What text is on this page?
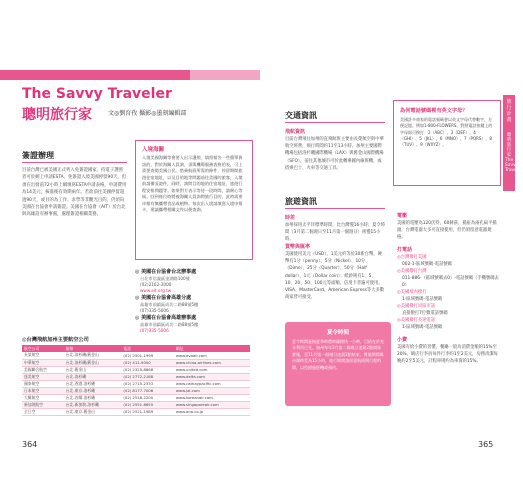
The Savvy Traveler
聰明旅行家	文◎劉育孜 攝影◎墨刻編輯部
入境海關
入境美國海關等會要入出示護照、填寫報告一些簡單資訊的，對於海關人員詢，須與機場服務表格的表，可上需要查閱美國公民。搭乘航班所需的條件、停留期間旅遊住宿地址，以及目的地等問題前往美國的旅客，入境前請備妥證件，同時，詢問目的地的住宿地址、旅遊行程安排問題等。如果對方表示等待一段時間，請耐心等候。回到座位時將被海關人員詢問旅行目的，此時需要申報有無攜帶食品或植物。每次出入境請填寫入境申報卡，建議攜帶相關文件以便查詢。
簽證辦理
目前台灣已被美國正式列入免簽證國家，持電子護照者可於網上申請ESTA，免簽證入境美國停留90天，但須在出發前72小時上網填寫ESTA申請表格，申請費用為14美元，核准後有效期兩年。若欲前往美國停留超過90天，或目的為工作、求學等非觀光目的，仍須向美國在台協會申請簽證。美國在台協會（AIT）於台北與高雄設有辦事處，處理簽證相關業務。
◎ 美國在台協會台北辦事處
台北市信義區金湖路100號
(02)2162-2000
www.ait.org.tw
◎ 美國在台協會高雄分處
高雄市前鎮區成功二路88號5樓
(07)335-5006
◎ 美國在台協會高雄辦事處
高雄市前鎮區成功二路88號5樓
(07)335-5006
◎台灣飛航加州主要航空公司
航空公司	航線	電話	網址
長榮航空	台北-洛杉磯/舊金山	(02) 2501-1999	www.evaair.com
中華航空	台北-洛杉磯/舊金山	(02) 412-9000	www.china-airlines.com
美國聯合航空	台北-舊金山	(02) 2325-8868	www.united.com
達美航空	台北-洛杉磯	(02) 2772-2188	www.delta.com
國泰航空	台北-香港-洛杉磯	(02) 2715-2333	www.cathaypacific.com
日本航空	台北-東京-洛杉磯	(02) 8177-7006	www.jal.com
大韓航空	台北-首爾-洛杉磯	(02) 2518-2200	www.koreanair.com
新加坡航空	台北-新加坡-洛杉磯	(02) 2551-6655	www.singaporeair.com
全日空	台北-東京-舊金山	(02) 2521-1989	www.ana.co.jp
364
旅行計畫
聰明旅行家 The Savvy Traveler
交通資訊
飛航資訊
目前台灣飛往加州的直飛航班主要由長榮航空與中華航空經營，飛行時間約11至13小時。加州主要國際機場包括洛杉磯國際機場（LAX）與舊金山國際機場（SFO），前往其他城市可於此轉乘國內線班機，或搭乘巴士、火車等交通工具。
旅遊資訊
時差
加州採用太平洋標準時間，比台灣慢16小時；夏令時間（3月第二個週日至11月第一個週日）則慢15小時。
貨幣與匯率
美國使用美元（USD），1美元約等於30新台幣。硬幣有1分（penny）、5分（Nickel）、10分（Dime）、25分（Quarter）、50分（Half dollar）、1元（Dollar coin）；紙鈔則有1、5、10、20、50、100元等面額。信用卡普遍可使用，VISA、MasterCard、American Express等大多數商家皆可接受。
夏令時間
夏令時間是指夏季時將時鐘撥快一小時，目的在於充分利用日光。加州每年3月第二個週日凌晨2點開始實施，至11月第一個週日凌晨2點結束。實施期間與台灣時差為15小時，旅行期間請留意航班與行程時間，以免錯過班機或預約。
為何電話號碼裡有英文字母？
美國許多商家的電話號碼會以英文字母代替數字，方便記憶。例如1-800-FLOWERS，對照電話按鍵上的字母即可撥打：2（ABC）、3（DEF）、4（GHI）、5（JKL）、6（MNO）、7（PQRS）、8（TUV）、9（WXYZ）。
電壓
美國的電壓為120伏特，60赫茲，插座為兩孔扁平插頭，台灣電器大多可直接使用，但仍須留意電器規格。
打電話
◎台灣撥打美國
002-1-區域號碼-電話號碼
◎美國撥打台灣
011-886-（區域號碼去0）-電話號碼（手機號碼去0）
◎美國境內撥打
1-區域號碼-電話號碼
◎美國撥打同區市話
直接撥打7位數電話號碼
◎美國撥打長途電話
1-區域號碼-電話號碼
小費
美國有給小費的習慣，餐廳一般為消費金額的15%至20%，飯店行李員每件行李約1至2美元，房務清潔每晚約2至5美元，計程車則約為車資的15%。
365
